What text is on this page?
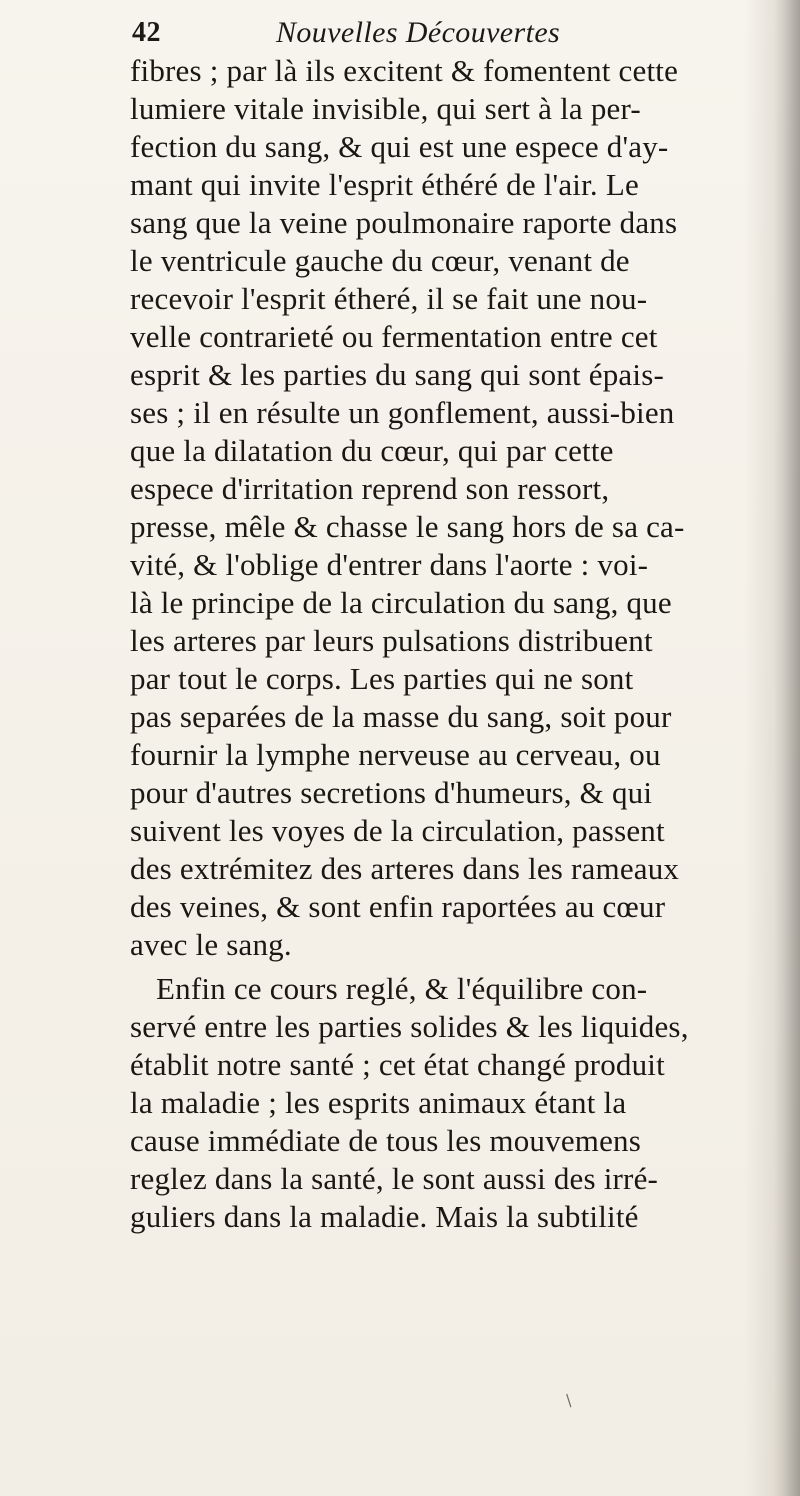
42	Nouvelles Découvertes
fibres ; par là ils excitent & fomentent cette
lumiere vitale invisible, qui sert à la per-
fection du sang, & qui est une espece d'ay-
mant qui invite l'esprit éthéré de l'air. Le
sang que la veine poulmonaire raporte dans
le ventricule gauche du cœur, venant de
recevoir l'esprit étheré, il se fait une nou-
velle contrarieté ou fermentation entre cet
esprit & les parties du sang qui sont épais-
ses ; il en résulte un gonflement, aussi-bien
que la dilatation du cœur, qui par cette
espece d'irritation reprend son ressort,
presse, mêle & chasse le sang hors de sa ca-
vité, & l'oblige d'entrer dans l'aorte : voi-
là le principe de la circulation du sang, que
les arteres par leurs pulsations distribuent
par tout le corps. Les parties qui ne sont
pas separées de la masse du sang, soit pour
fournir la lymphe nerveuse au cerveau, ou
pour d'autres secretions d'humeurs, & qui
suivent les voyes de la circulation, passent
des extrémitez des arteres dans les rameaux
des veines, & sont enfin raportées au cœur
avec le sang.
Enfin ce cours reglé, & l'équilibre con-
servé entre les parties solides & les liquides,
établit notre santé ; cet état changé produit
la maladie ; les esprits animaux étant la
cause immédiate de tous les mouvemens
reglez dans la santé, le sont aussi des irré-
guliers dans la maladie. Mais la subtilité
/
